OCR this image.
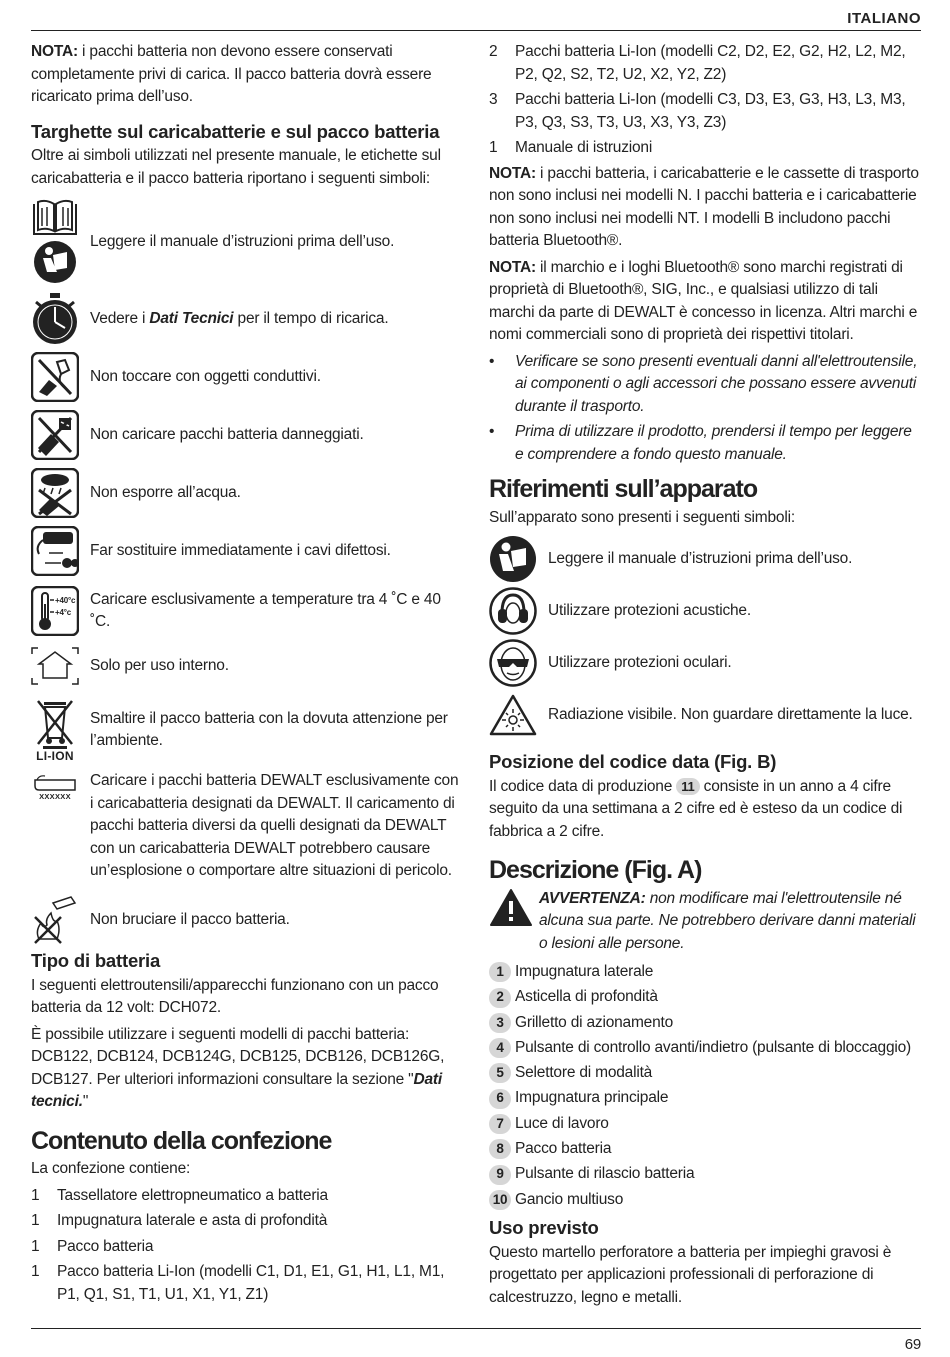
ITALIANO

NOTA: i pacchi batteria non devono essere conservati completamente privi di carica. Il pacco batteria dovrà essere ricaricato prima dell’uso.

Targhette sul caricabatterie e sul pacco batteria

Oltre ai simboli utilizzati nel presente manuale, le etichette sul caricabatteria e il pacco batteria riportano i seguenti simboli:

Leggere il manuale d’istruzioni prima dell’uso.
Vedere i Dati Tecnici per il tempo di ricarica.
Non toccare con oggetti conduttivi.
Non caricare pacchi batteria danneggiati.
Non esporre all’acqua.
Far sostituire immediatamente i cavi difettosi.
+40°c
+4°c
Caricare esclusivamente a temperature tra 4 ˚C e 40 ˚C.
Solo per uso interno.
LI-ION
Smaltire il pacco batteria con la dovuta attenzione per l’ambiente.
XXXXXX
Caricare i pacchi batteria DEWALT esclusivamente con i caricabatteria designati da DEWALT. Il caricamento di pacchi batteria diversi da quelli designati da DEWALT con un caricabatteria DEWALT potrebbero causare un’esplosione o comportare altre situazioni di pericolo.
Non bruciare il pacco batteria.
Tipo di batteria

I seguenti elettroutensili/apparecchi funzionano con un pacco batteria da 12 volt: DCH072.

È possibile utilizzare i seguenti modelli di pacchi batteria: DCB122, DCB124, DCB124G, DCB125, DCB126, DCB126G, DCB127. Per ulteriori informazioni consultare la sezione "Dati tecnici."

Contenuto della confezione

La confezione contiene:

1	Tassellatore elettropneumatico a batteria
1	Impugnatura laterale e asta di profondità
1	Pacco batteria
1	Pacco batteria Li-Ion (modelli C1, D1, E1, G1, H1, L1, M1, P1, Q1, S1, T1, U1, X1, Y1, Z1)
2	Pacchi batteria Li-Ion (modelli C2, D2, E2, G2, H2, L2, M2, P2, Q2, S2, T2, U2, X2, Y2, Z2)
3	Pacchi batteria Li-Ion (modelli C3, D3, E3, G3, H3, L3, M3, P3, Q3, S3, T3, U3, X3, Y3, Z3)
1	Manuale di istruzioni

NOTA: i pacchi batteria, i caricabatterie e le cassette di trasporto non sono inclusi nei modelli N. I pacchi batteria e i caricabatterie non sono inclusi nei modelli NT. I modelli B includono pacchi batteria Bluetooth®.

NOTA: il marchio e i loghi Bluetooth® sono marchi registrati di proprietà di Bluetooth®, SIG, Inc., e qualsiasi utilizzo di tali marchi da parte di DEWALT è concesso in licenza. Altri marchi e nomi commerciali sono di proprietà dei rispettivi titolari.

•	Verificare se sono presenti eventuali danni all'elettroutensile, ai componenti o agli accessori che possano essere avvenuti durante il trasporto.
•	Prima di utilizzare il prodotto, prendersi il tempo per leggere e comprendere a fondo questo manuale.
Riferimenti sull’apparato

Sull’apparato sono presenti i seguenti simboli:

Leggere il manuale d’istruzioni prima dell’uso.
Utilizzare protezioni acustiche.
Utilizzare protezioni oculari.
Radiazione visibile. Non guardare direttamente la luce.
Posizione del codice data (Fig. B)

Il codice data di produzione 11 consiste in un anno a 4 cifre seguito da una settimana a 2 cifre ed è esteso da un codice di fabbrica a 2 cifre.

Descrizione (Fig. A)
AVVERTENZA: non modificare mai l'elettroutensile né alcuna sua parte. Ne potrebbero derivare danni materiali o lesioni alle persone.
1 Impugnatura laterale
2 Asticella di profondità
3 Grilletto di azionamento
4 Pulsante di controllo avanti/indietro (pulsante di bloccaggio)
5 Selettore di modalità
6 Impugnatura principale
7 Luce di lavoro
8 Pacco batteria
9 Pulsante di rilascio batteria
10 Gancio multiuso
Uso previsto

Questo martello perforatore a batteria per impieghi gravosi è progettato per applicazioni professionali di perforazione di calcestruzzo, legno e metalli.

69
